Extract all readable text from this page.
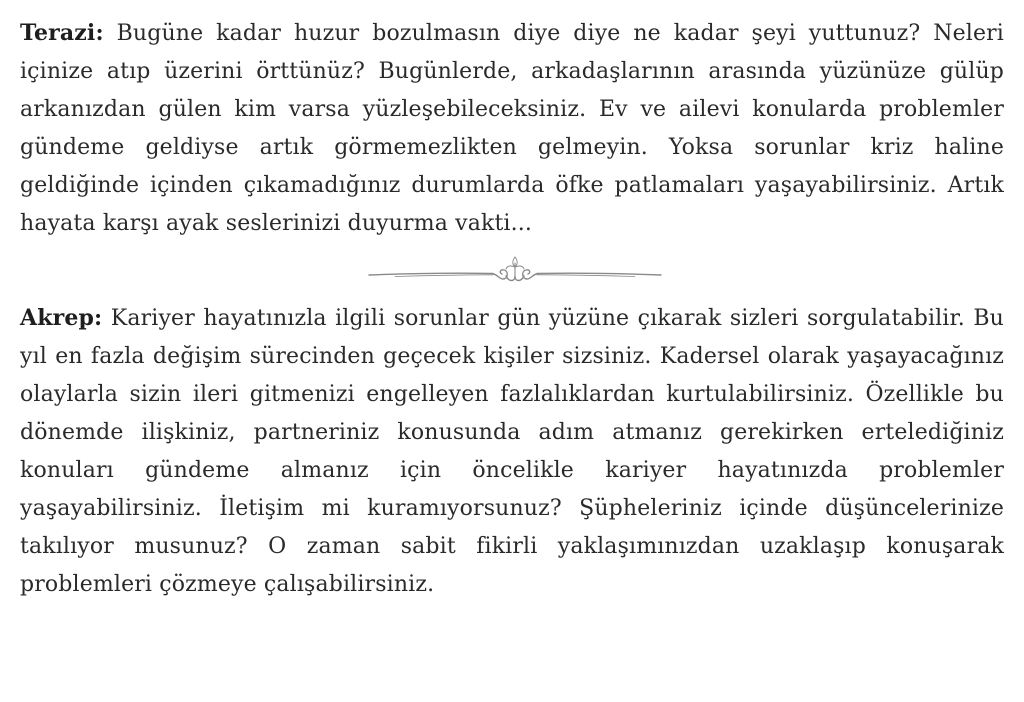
Terazi: Bugüne kadar huzur bozulmasın diye diye ne kadar şeyi yuttunuz? Neleri içinize atıp üzerini örttünüz? Bugünlerde, arkadaşlarının arasında yüzünüze gülüp arkanızdan gülen kim varsa yüzleşebileceksiniz. Ev ve ailevi konularda problemler gündeme geldiyse artık görmemezlikten gelmeyin. Yoksa sorunlar kriz haline geldiğinde içinden çıkamadığınız durumlarda öfke patlamaları yaşayabilirsiniz. Artık hayata karşı ayak seslerinizi duyurma vakti...

Akrep: Kariyer hayatınızla ilgili sorunlar gün yüzüne çıkarak sizleri sorgulatabilir. Bu yıl en fazla değişim sürecinden geçecek kişiler sizsiniz. Kadersel olarak yaşayacağınız olaylarla sizin ileri gitmenizi engelleyen fazlalıklardan kurtulabilirsiniz. Özellikle bu dönemde ilişkiniz, partneriniz konusunda adım atmanız gerekirken ertelediğiniz konuları gündeme almanız için öncelikle kariyer hayatınızda problemler yaşayabilirsiniz. İletişim mi kuramıyorsunuz? Şüpheleriniz içinde düşüncelerinize takılıyor musunuz? O zaman sabit fikirli yaklaşımınızdan uzaklaşıp konuşarak problemleri çözmeye çalışabilirsiniz.
